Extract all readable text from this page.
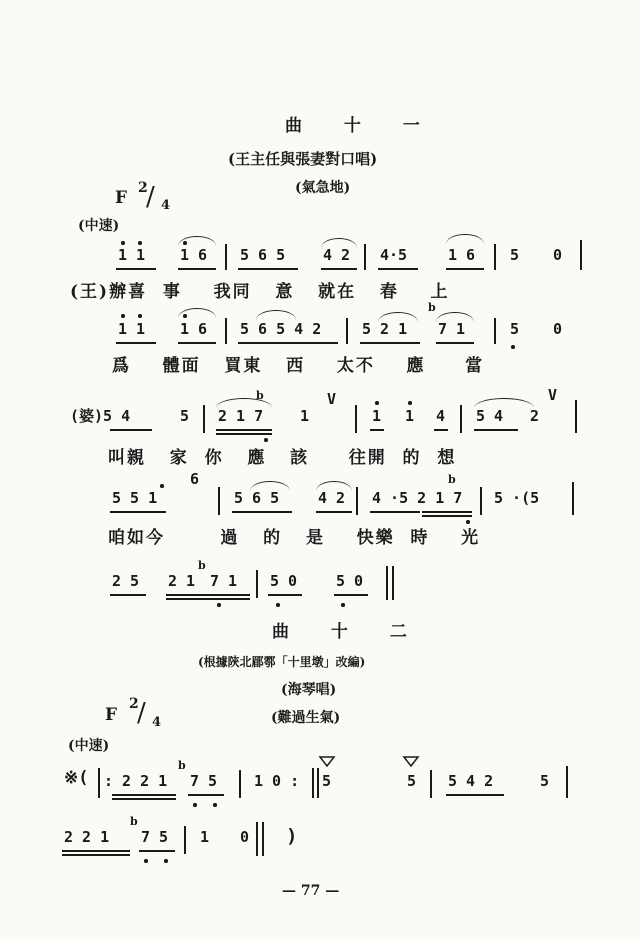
曲 十 一
(王主任與張妻對口唱)
(氣急地)
F 2
/ 4
(中速)
1 1 1 6 5 6 5	4 2 4·5	1 6 5 0
(王)辦喜  事    我同   意   就在   春    上
b
1 1 1 6 5 6 5 4 2	5 2 1 7 1	5 0
爲    體面   買東   西    太不    應     當
b
(婆)5 4	5 2 1 7 1
V
1 1 4 5 4 2
V
叫親   家  你   應   該     往開  的  想
b
5 5 1
6
5 6 5	4 2 4 ·5 2 1 7 5 ·(5
咱如今       過   的   是    快樂  時    光
b
2 5 2 1 7 1 5 0	5 0
曲 十 二
(根據陝北郿鄠「十里墩」改編)
(海琴唱)
(難過生氣)
F
2
/ 4
(中速)
b
※( : 2 2 1 7 5 1 0 : 5	5 5 4 2	5
b
2 2 1 7 5 1 0 )
— 77 —
